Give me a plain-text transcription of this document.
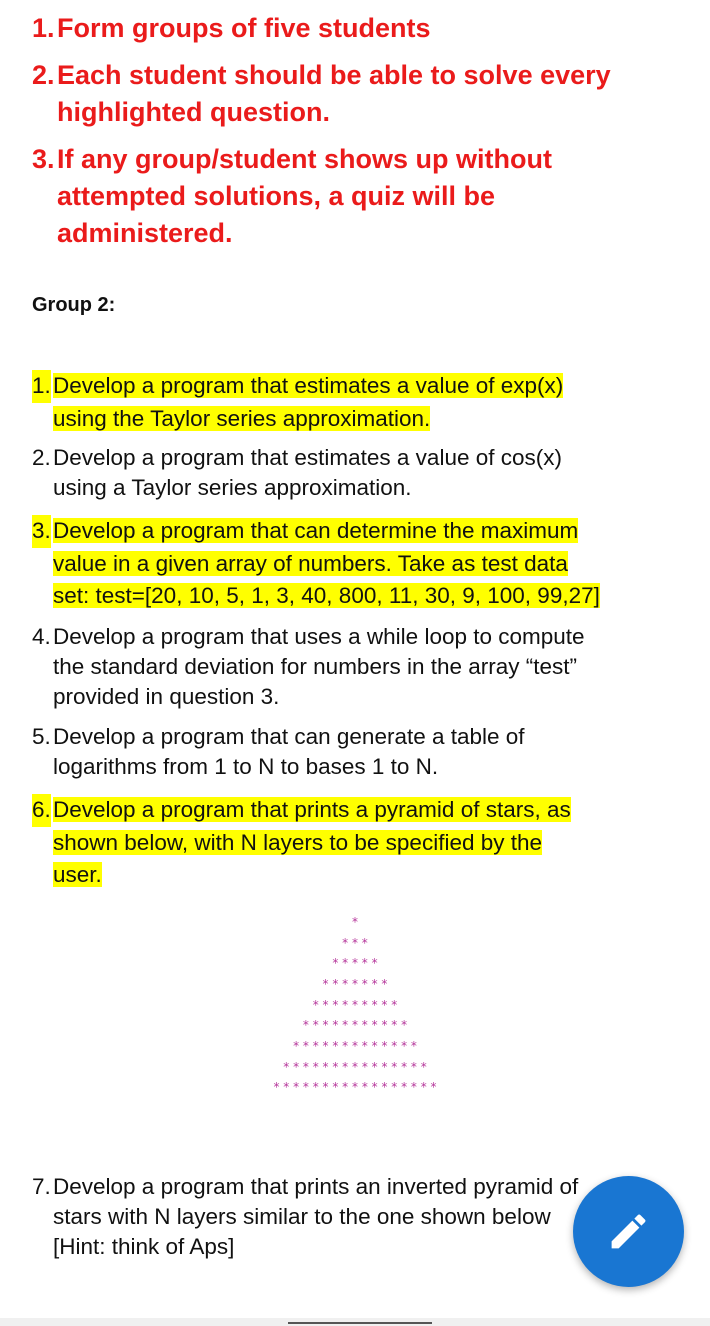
1. Form groups of five students
2. Each student should be able to solve every
highlighted question.
3. If any group/student shows up without
attempted solutions, a quiz will be
administered.
Group 2:
1. Develop a program that estimates a value of exp(x)
using the Taylor series approximation.
2. Develop a program that estimates a value of cos(x)
using a Taylor series approximation.
3. Develop a program that can determine the maximum
value in a given array of numbers. Take as test data
set: test=[20, 10, 5, 1, 3, 40, 800, 11, 30, 9, 100, 99,27]
4. Develop a program that uses a while loop to compute
the standard deviation for numbers in the array “test”
provided in question 3.
5. Develop a program that can generate a table of
logarithms from 1 to N to bases 1 to N.
6. Develop a program that prints a pyramid of stars, as
shown below, with N layers to be specified by the
user.
*
* * *
* * * * *
* * * * * * *
* * * * * * * * *
* * * * * * * * * * *
* * * * * * * * * * * * *
* * * * * * * * * * * * * * *
* * * * * * * * * * * * * * * * *
7. Develop a program that prints an inverted pyramid of
stars with N layers similar to the one shown below
[Hint: think of Aps]
